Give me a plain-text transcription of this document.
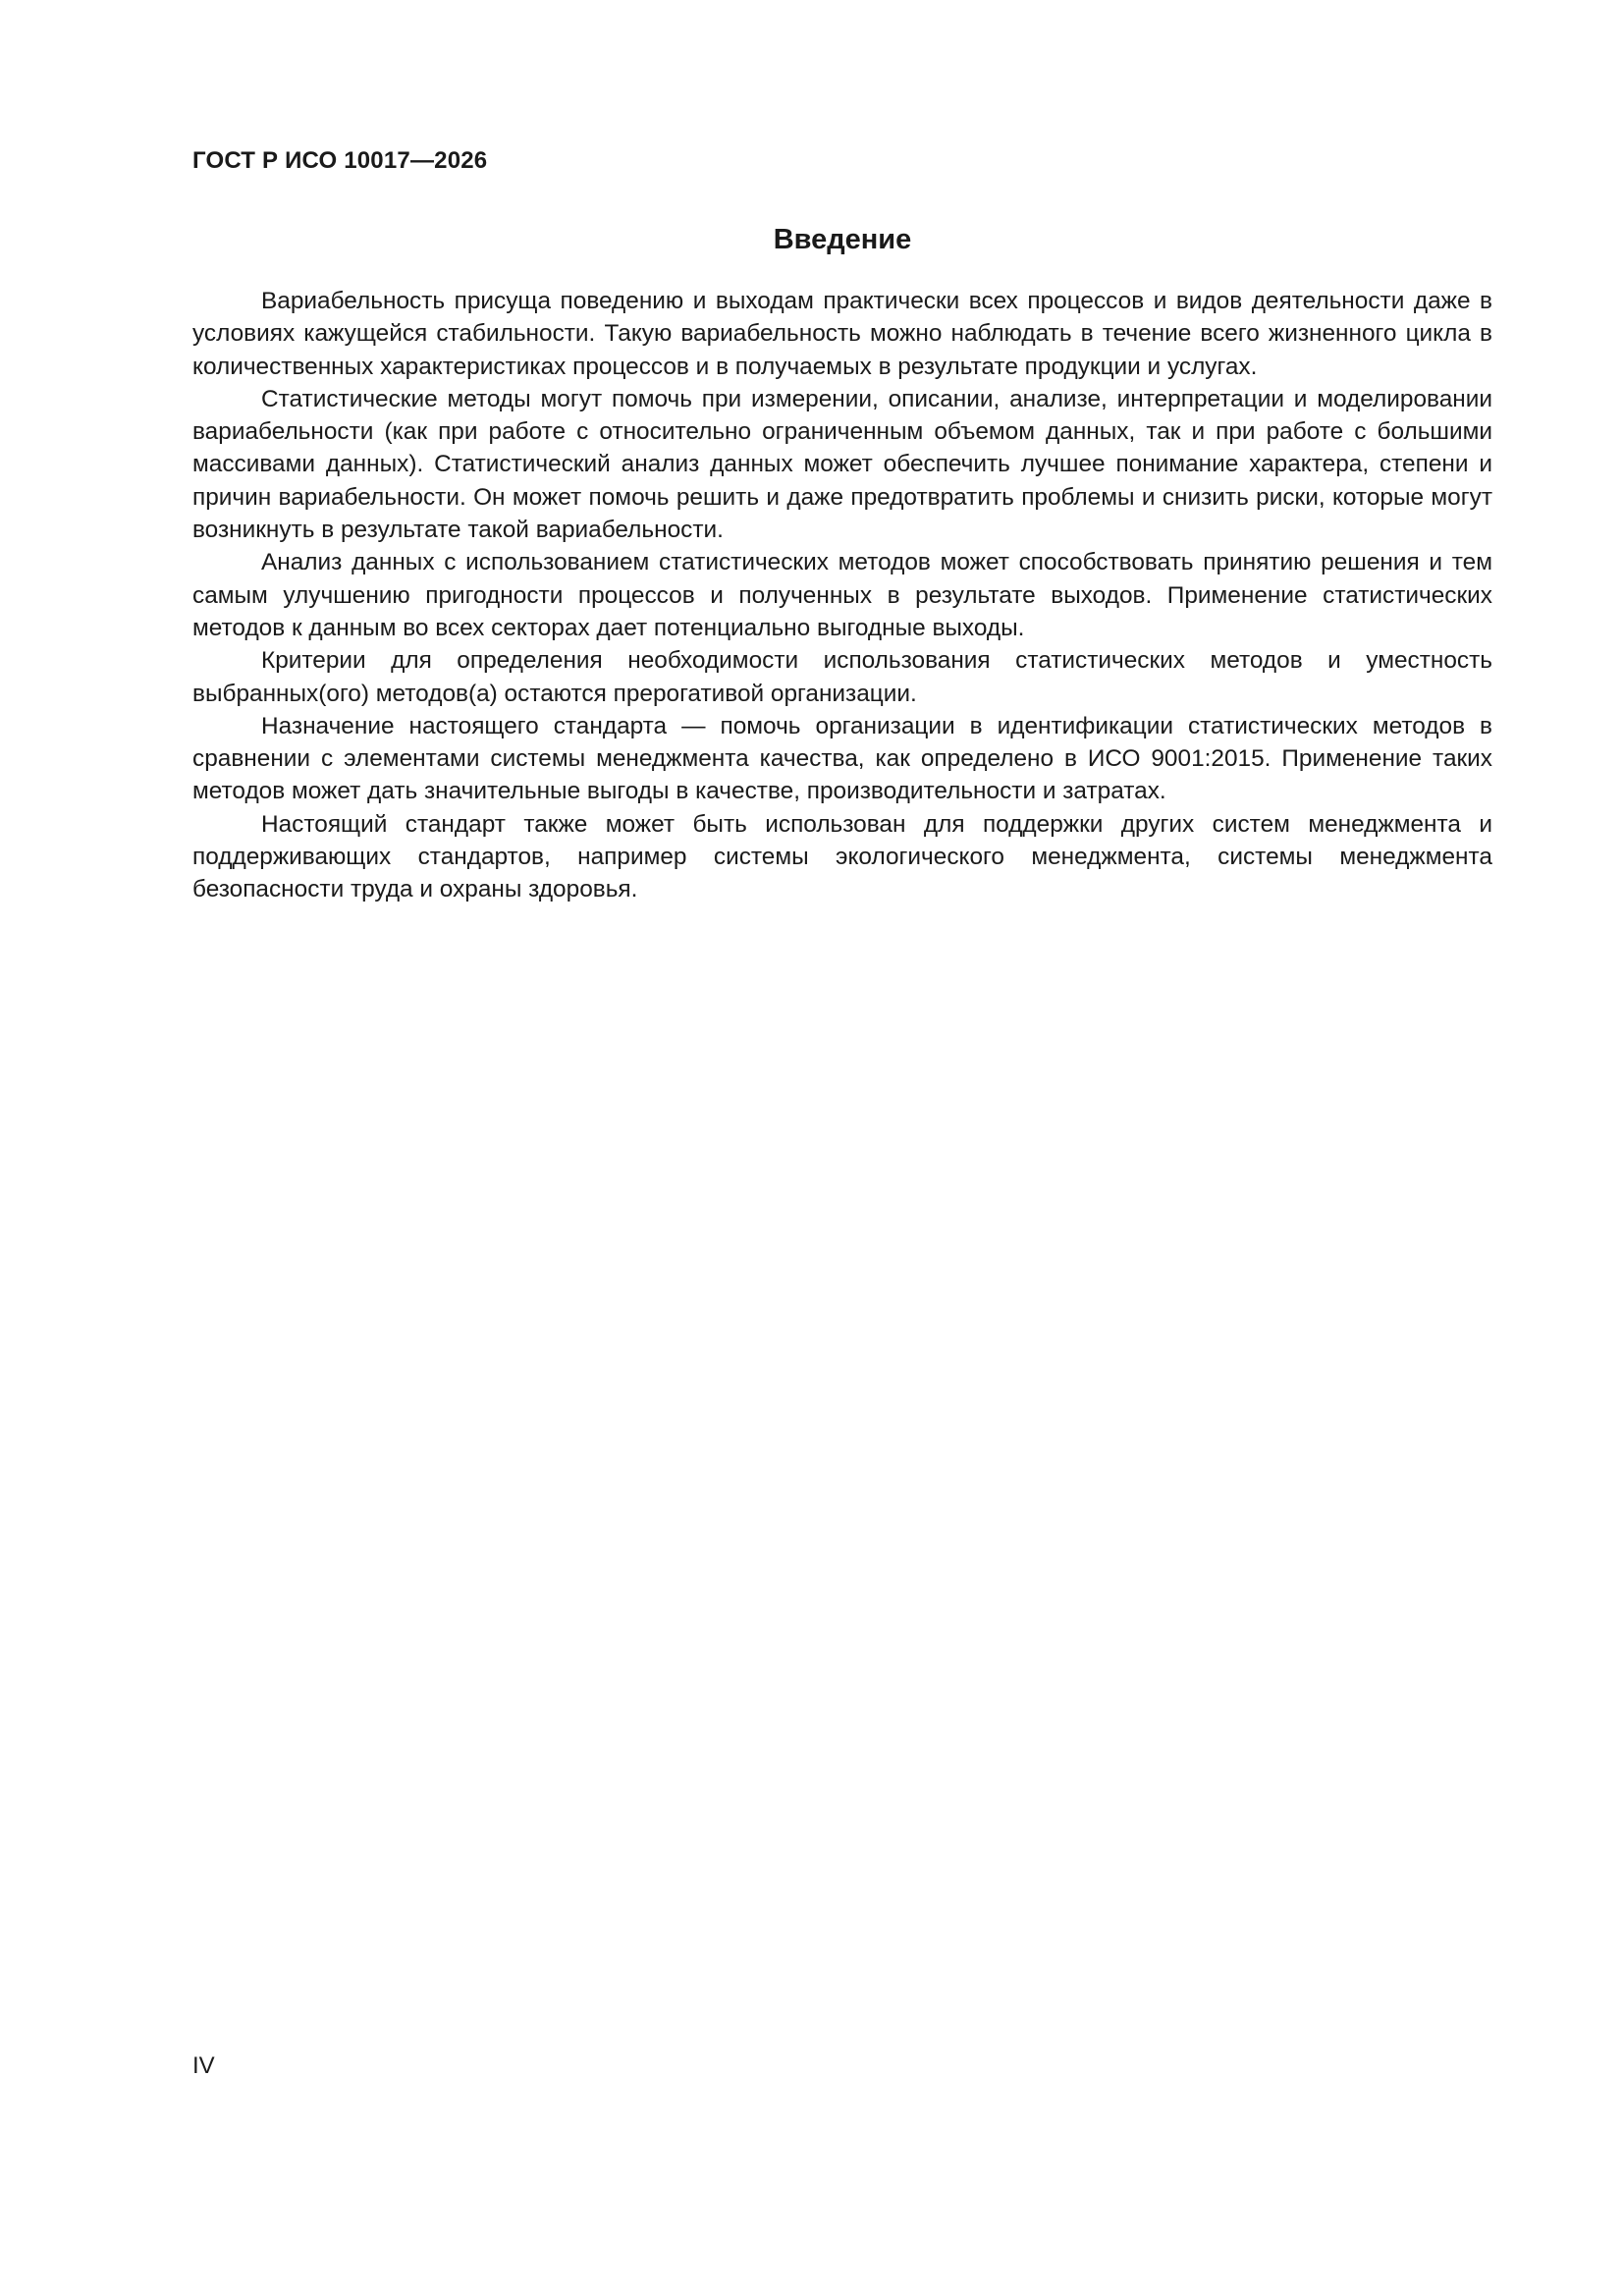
ГОСТ Р ИСО 10017—2026
Введение

Вариабельность присуща поведению и выходам практически всех процессов и видов деятельности даже в условиях кажущейся стабильности. Такую вариабельность можно наблюдать в течение всего жизненного цикла в количественных характеристиках процессов и в получаемых в результате продукции и услугах.

Статистические методы могут помочь при измерении, описании, анализе, интерпретации и моделировании вариабельности (как при работе с относительно ограниченным объемом данных, так и при работе с большими массивами данных). Статистический анализ данных может обеспечить лучшее понимание характера, степени и причин вариабельности. Он может помочь решить и даже предотвратить проблемы и снизить риски, которые могут возникнуть в результате такой вариабельности.

Анализ данных с использованием статистических методов может способствовать принятию решения и тем самым улучшению пригодности процессов и полученных в результате выходов. Применение статистических методов к данным во всех секторах дает потенциально выгодные выходы.

Критерии для определения необходимости использования статистических методов и уместность выбранных(ого) методов(а) остаются прерогативой организации.

Назначение настоящего стандарта — помочь организации в идентификации статистических методов в сравнении с элементами системы менеджмента качества, как определено в ИСО 9001:2015. Применение таких методов может дать значительные выгоды в качестве, производительности и затратах.

Настоящий стандарт также может быть использован для поддержки других систем менеджмента и поддерживающих стандартов, например системы экологического менеджмента, системы менеджмента безопасности труда и охраны здоровья.

IV
